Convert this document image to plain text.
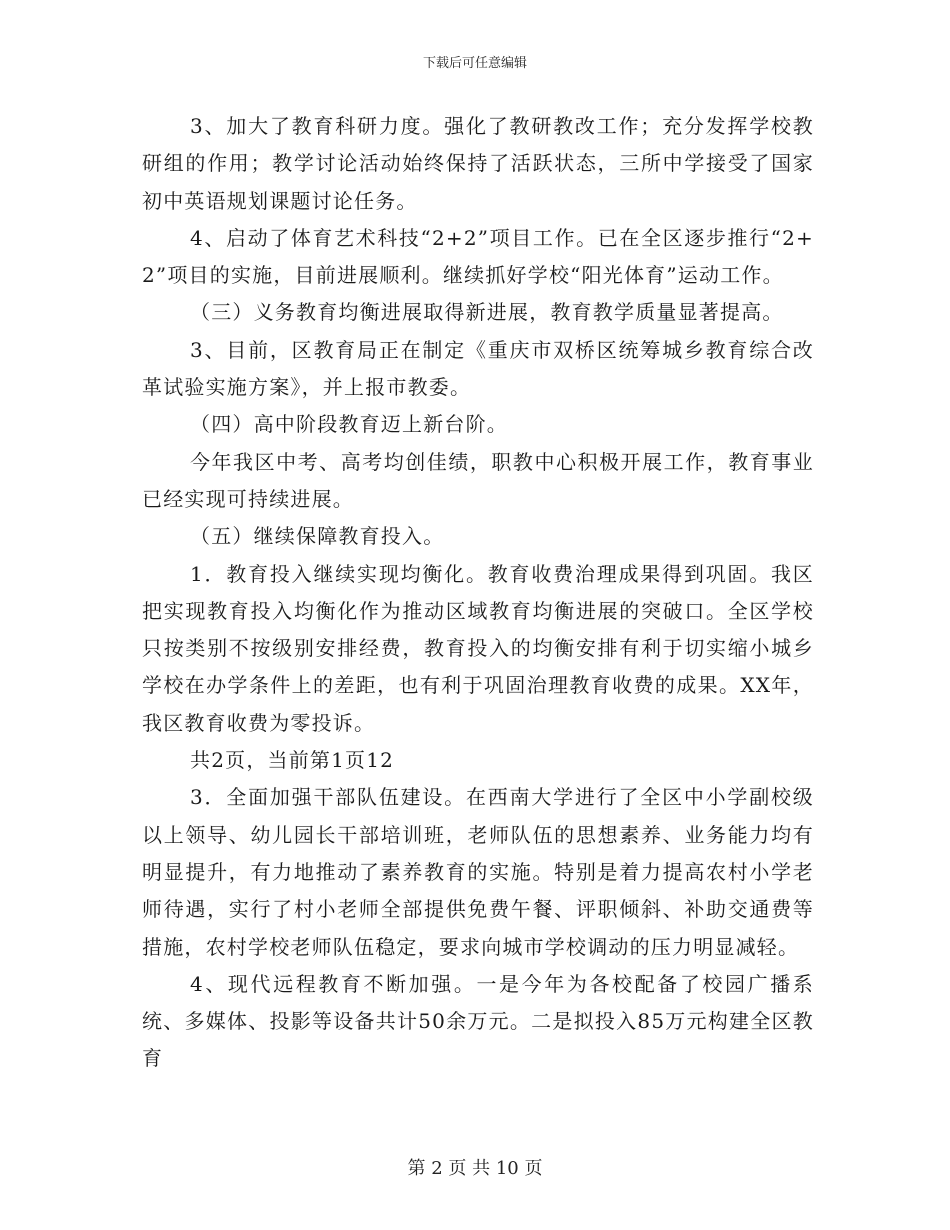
下载后可任意编辑

3、加大了教育科研力度。强化了教研教改工作；充分发挥学校教研组的作用；教学讨论活动始终保持了活跃状态，三所中学接受了国家初中英语规划课题讨论任务。

4、启动了体育艺术科技“2+2”项目工作。已在全区逐步推行“2+2”项目的实施，目前进展顺利。继续抓好学校“阳光体育”运动工作。

（三）义务教育均衡进展取得新进展，教育教学质量显著提高。

3、目前，区教育局正在制定《重庆市双桥区统筹城乡教育综合改革试验实施方案》，并上报市教委。

（四）高中阶段教育迈上新台阶。

今年我区中考、高考均创佳绩，职教中心积极开展工作，教育事业已经实现可持续进展。

（五）继续保障教育投入。

1．教育投入继续实现均衡化。教育收费治理成果得到巩固。我区把实现教育投入均衡化作为推动区域教育均衡进展的突破口。全区学校只按类别不按级别安排经费，教育投入的均衡安排有利于切实缩小城乡学校在办学条件上的差距，也有利于巩固治理教育收费的成果。XX年，我区教育收费为零投诉。

共2页，当前第1页12

3．全面加强干部队伍建设。在西南大学进行了全区中小学副校级以上领导、幼儿园长干部培训班，老师队伍的思想素养、业务能力均有明显提升，有力地推动了素养教育的实施。特别是着力提高农村小学老师待遇，实行了村小老师全部提供免费午餐、评职倾斜、补助交通费等措施，农村学校老师队伍稳定，要求向城市学校调动的压力明显减轻。

4、现代远程教育不断加强。一是今年为各校配备了校园广播系统、多媒体、投影等设备共计50余万元。二是拟投入85万元构建全区教育

第 2 页 共 10 页
